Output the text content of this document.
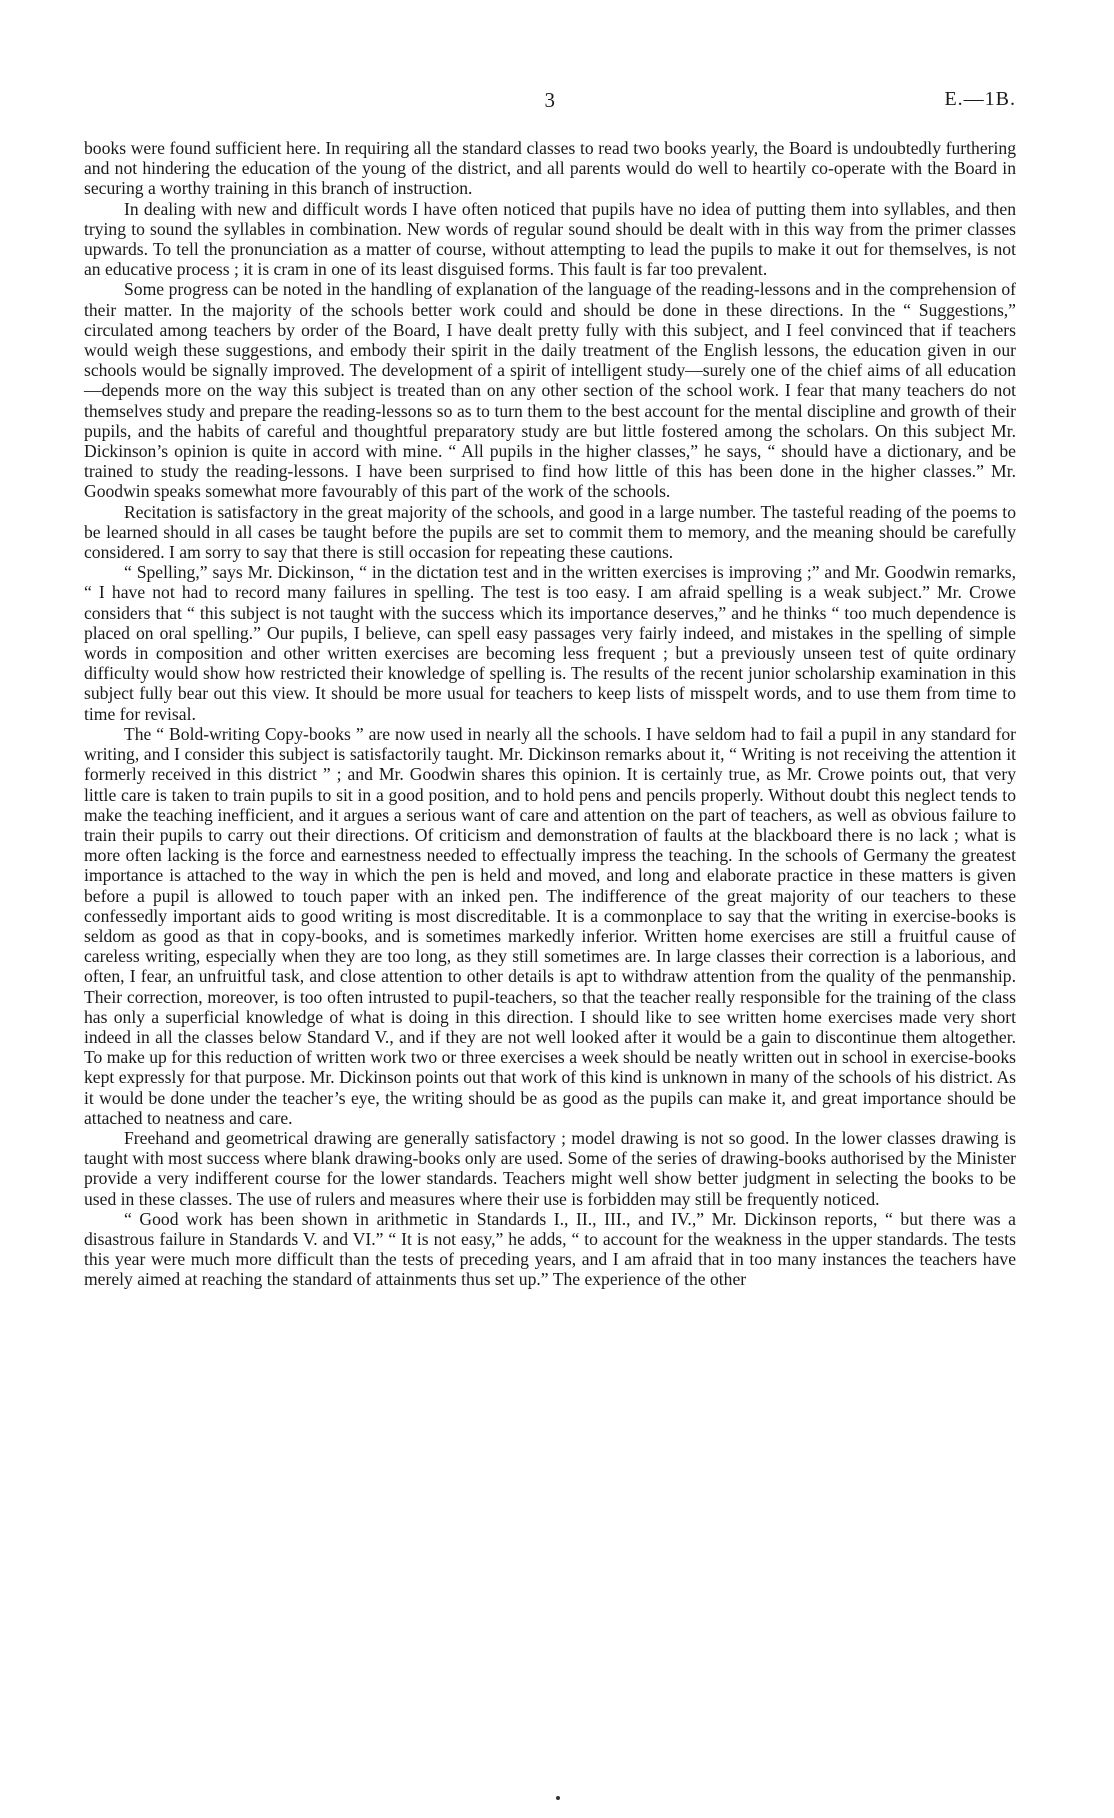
3	E.—1B.

books were found sufficient here. In requiring all the standard classes to read two books yearly, the Board is undoubtedly furthering and not hindering the education of the young of the district, and all parents would do well to heartily co-operate with the Board in securing a worthy training in this branch of instruction.

In dealing with new and difficult words I have often noticed that pupils have no idea of putting them into syllables, and then trying to sound the syllables in combination. New words of regular sound should be dealt with in this way from the primer classes upwards. To tell the pronunciation as a matter of course, without attempting to lead the pupils to make it out for themselves, is not an educative process ; it is cram in one of its least disguised forms. This fault is far too prevalent.

Some progress can be noted in the handling of explanation of the language of the reading-lessons and in the comprehension of their matter. In the majority of the schools better work could and should be done in these directions. In the “ Suggestions,” circulated among teachers by order of the Board, I have dealt pretty fully with this subject, and I feel convinced that if teachers would weigh these suggestions, and embody their spirit in the daily treatment of the English lessons, the education given in our schools would be signally improved. The development of a spirit of intelligent study—surely one of the chief aims of all education—depends more on the way this subject is treated than on any other section of the school work. I fear that many teachers do not themselves study and prepare the reading-lessons so as to turn them to the best account for the mental discipline and growth of their pupils, and the habits of careful and thoughtful preparatory study are but little fostered among the scholars. On this subject Mr. Dickinson’s opinion is quite in accord with mine. “ All pupils in the higher classes,” he says, “ should have a dictionary, and be trained to study the reading-lessons. I have been surprised to find how little of this has been done in the higher classes.” Mr. Goodwin speaks somewhat more favourably of this part of the work of the schools.

Recitation is satisfactory in the great majority of the schools, and good in a large number. The tasteful reading of the poems to be learned should in all cases be taught before the pupils are set to commit them to memory, and the meaning should be carefully considered. I am sorry to say that there is still occasion for repeating these cautions.

“ Spelling,” says Mr. Dickinson, “ in the dictation test and in the written exercises is improving ;” and Mr. Goodwin remarks, “ I have not had to record many failures in spelling. The test is too easy. I am afraid spelling is a weak subject.” Mr. Crowe considers that “ this subject is not taught with the success which its importance deserves,” and he thinks “ too much dependence is placed on oral spelling.” Our pupils, I believe, can spell easy passages very fairly indeed, and mistakes in the spelling of simple words in composition and other written exercises are becoming less frequent ; but a previously unseen test of quite ordinary difficulty would show how restricted their knowledge of spelling is. The results of the recent junior scholarship examination in this subject fully bear out this view. It should be more usual for teachers to keep lists of misspelt words, and to use them from time to time for revisal.

The “ Bold-writing Copy-books ” are now used in nearly all the schools. I have seldom had to fail a pupil in any standard for writing, and I consider this subject is satisfactorily taught. Mr. Dickinson remarks about it, “ Writing is not receiving the attention it formerly received in this district ” ; and Mr. Goodwin shares this opinion. It is certainly true, as Mr. Crowe points out, that very little care is taken to train pupils to sit in a good position, and to hold pens and pencils properly. Without doubt this neglect tends to make the teaching inefficient, and it argues a serious want of care and attention on the part of teachers, as well as obvious failure to train their pupils to carry out their directions. Of criticism and demonstration of faults at the blackboard there is no lack ; what is more often lacking is the force and earnestness needed to effectually impress the teaching. In the schools of Germany the greatest importance is attached to the way in which the pen is held and moved, and long and elaborate practice in these matters is given before a pupil is allowed to touch paper with an inked pen. The indifference of the great majority of our teachers to these confessedly important aids to good writing is most discreditable. It is a commonplace to say that the writing in exercise-books is seldom as good as that in copy-books, and is sometimes markedly inferior. Written home exercises are still a fruitful cause of careless writing, especially when they are too long, as they still sometimes are. In large classes their correction is a laborious, and often, I fear, an unfruitful task, and close attention to other details is apt to withdraw attention from the quality of the penmanship. Their correction, moreover, is too often intrusted to pupil-teachers, so that the teacher really responsible for the training of the class has only a superficial knowledge of what is doing in this direction. I should like to see written home exercises made very short indeed in all the classes below Standard V., and if they are not well looked after it would be a gain to discontinue them altogether. To make up for this reduction of written work two or three exercises a week should be neatly written out in school in exercise-books kept expressly for that purpose. Mr. Dickinson points out that work of this kind is unknown in many of the schools of his district. As it would be done under the teacher’s eye, the writing should be as good as the pupils can make it, and great importance should be attached to neatness and care.

Freehand and geometrical drawing are generally satisfactory ; model drawing is not so good. In the lower classes drawing is taught with most success where blank drawing-books only are used. Some of the series of drawing-books authorised by the Minister provide a very indifferent course for the lower standards. Teachers might well show better judgment in selecting the books to be used in these classes. The use of rulers and measures where their use is forbidden may still be frequently noticed.

“ Good work has been shown in arithmetic in Standards I., II., III., and IV.,” Mr. Dickinson reports, “ but there was a disastrous failure in Standards V. and VI.” “ It is not easy,” he adds, “ to account for the weakness in the upper standards. The tests this year were much more difficult than the tests of preceding years, and I am afraid that in too many instances the teachers have merely aimed at reaching the standard of attainments thus set up.” The experience of the other
